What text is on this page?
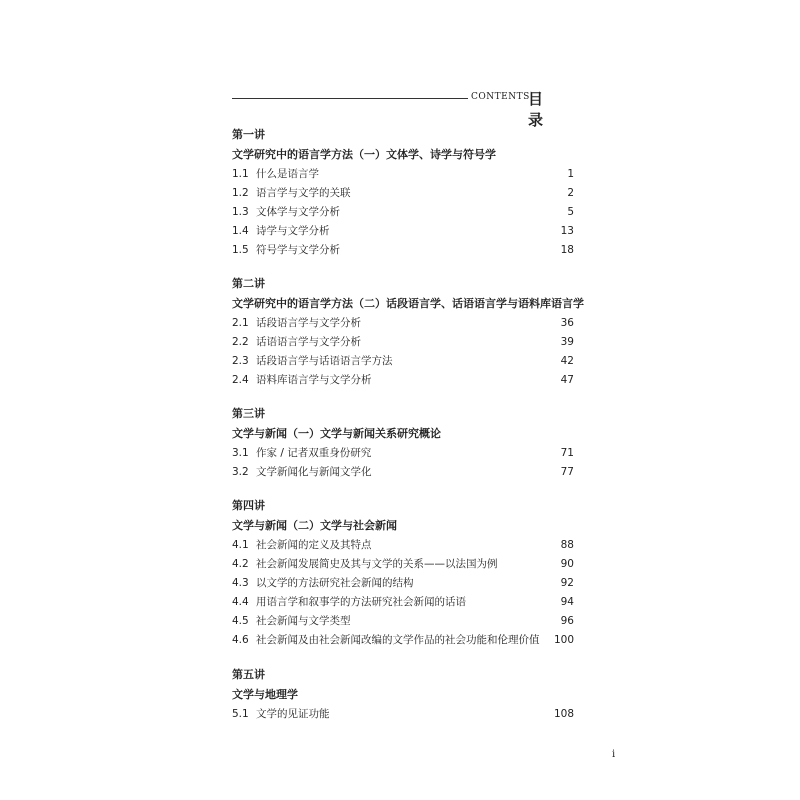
CONTENTS
目 录
第一讲
文学研究中的语言学方法（一）文体学、诗学与符号学
1.1 什么是语言学	1
1.2 语言学与文学的关联	2
1.3 文体学与文学分析	5
1.4 诗学与文学分析	13
1.5 符号学与文学分析	18
第二讲
文学研究中的语言学方法（二）话段语言学、话语语言学与语料库语言学
2.1 话段语言学与文学分析	36
2.2 话语语言学与文学分析	39
2.3 话段语言学与话语语言学方法	42
2.4 语料库语言学与文学分析	47
第三讲
文学与新闻（一）文学与新闻关系研究概论
3.1 作家 / 记者双重身份研究	71
3.2 文学新闻化与新闻文学化	77
第四讲
文学与新闻（二）文学与社会新闻
4.1 社会新闻的定义及其特点	88
4.2 社会新闻发展简史及其与文学的关系——以法国为例	90
4.3 以文学的方法研究社会新闻的结构	92
4.4 用语言学和叙事学的方法研究社会新闻的话语	94
4.5 社会新闻与文学类型	96
4.6 社会新闻及由社会新闻改编的文学作品的社会功能和伦理价值 100
第五讲
文学与地理学
5.1 文学的见证功能	108
i
